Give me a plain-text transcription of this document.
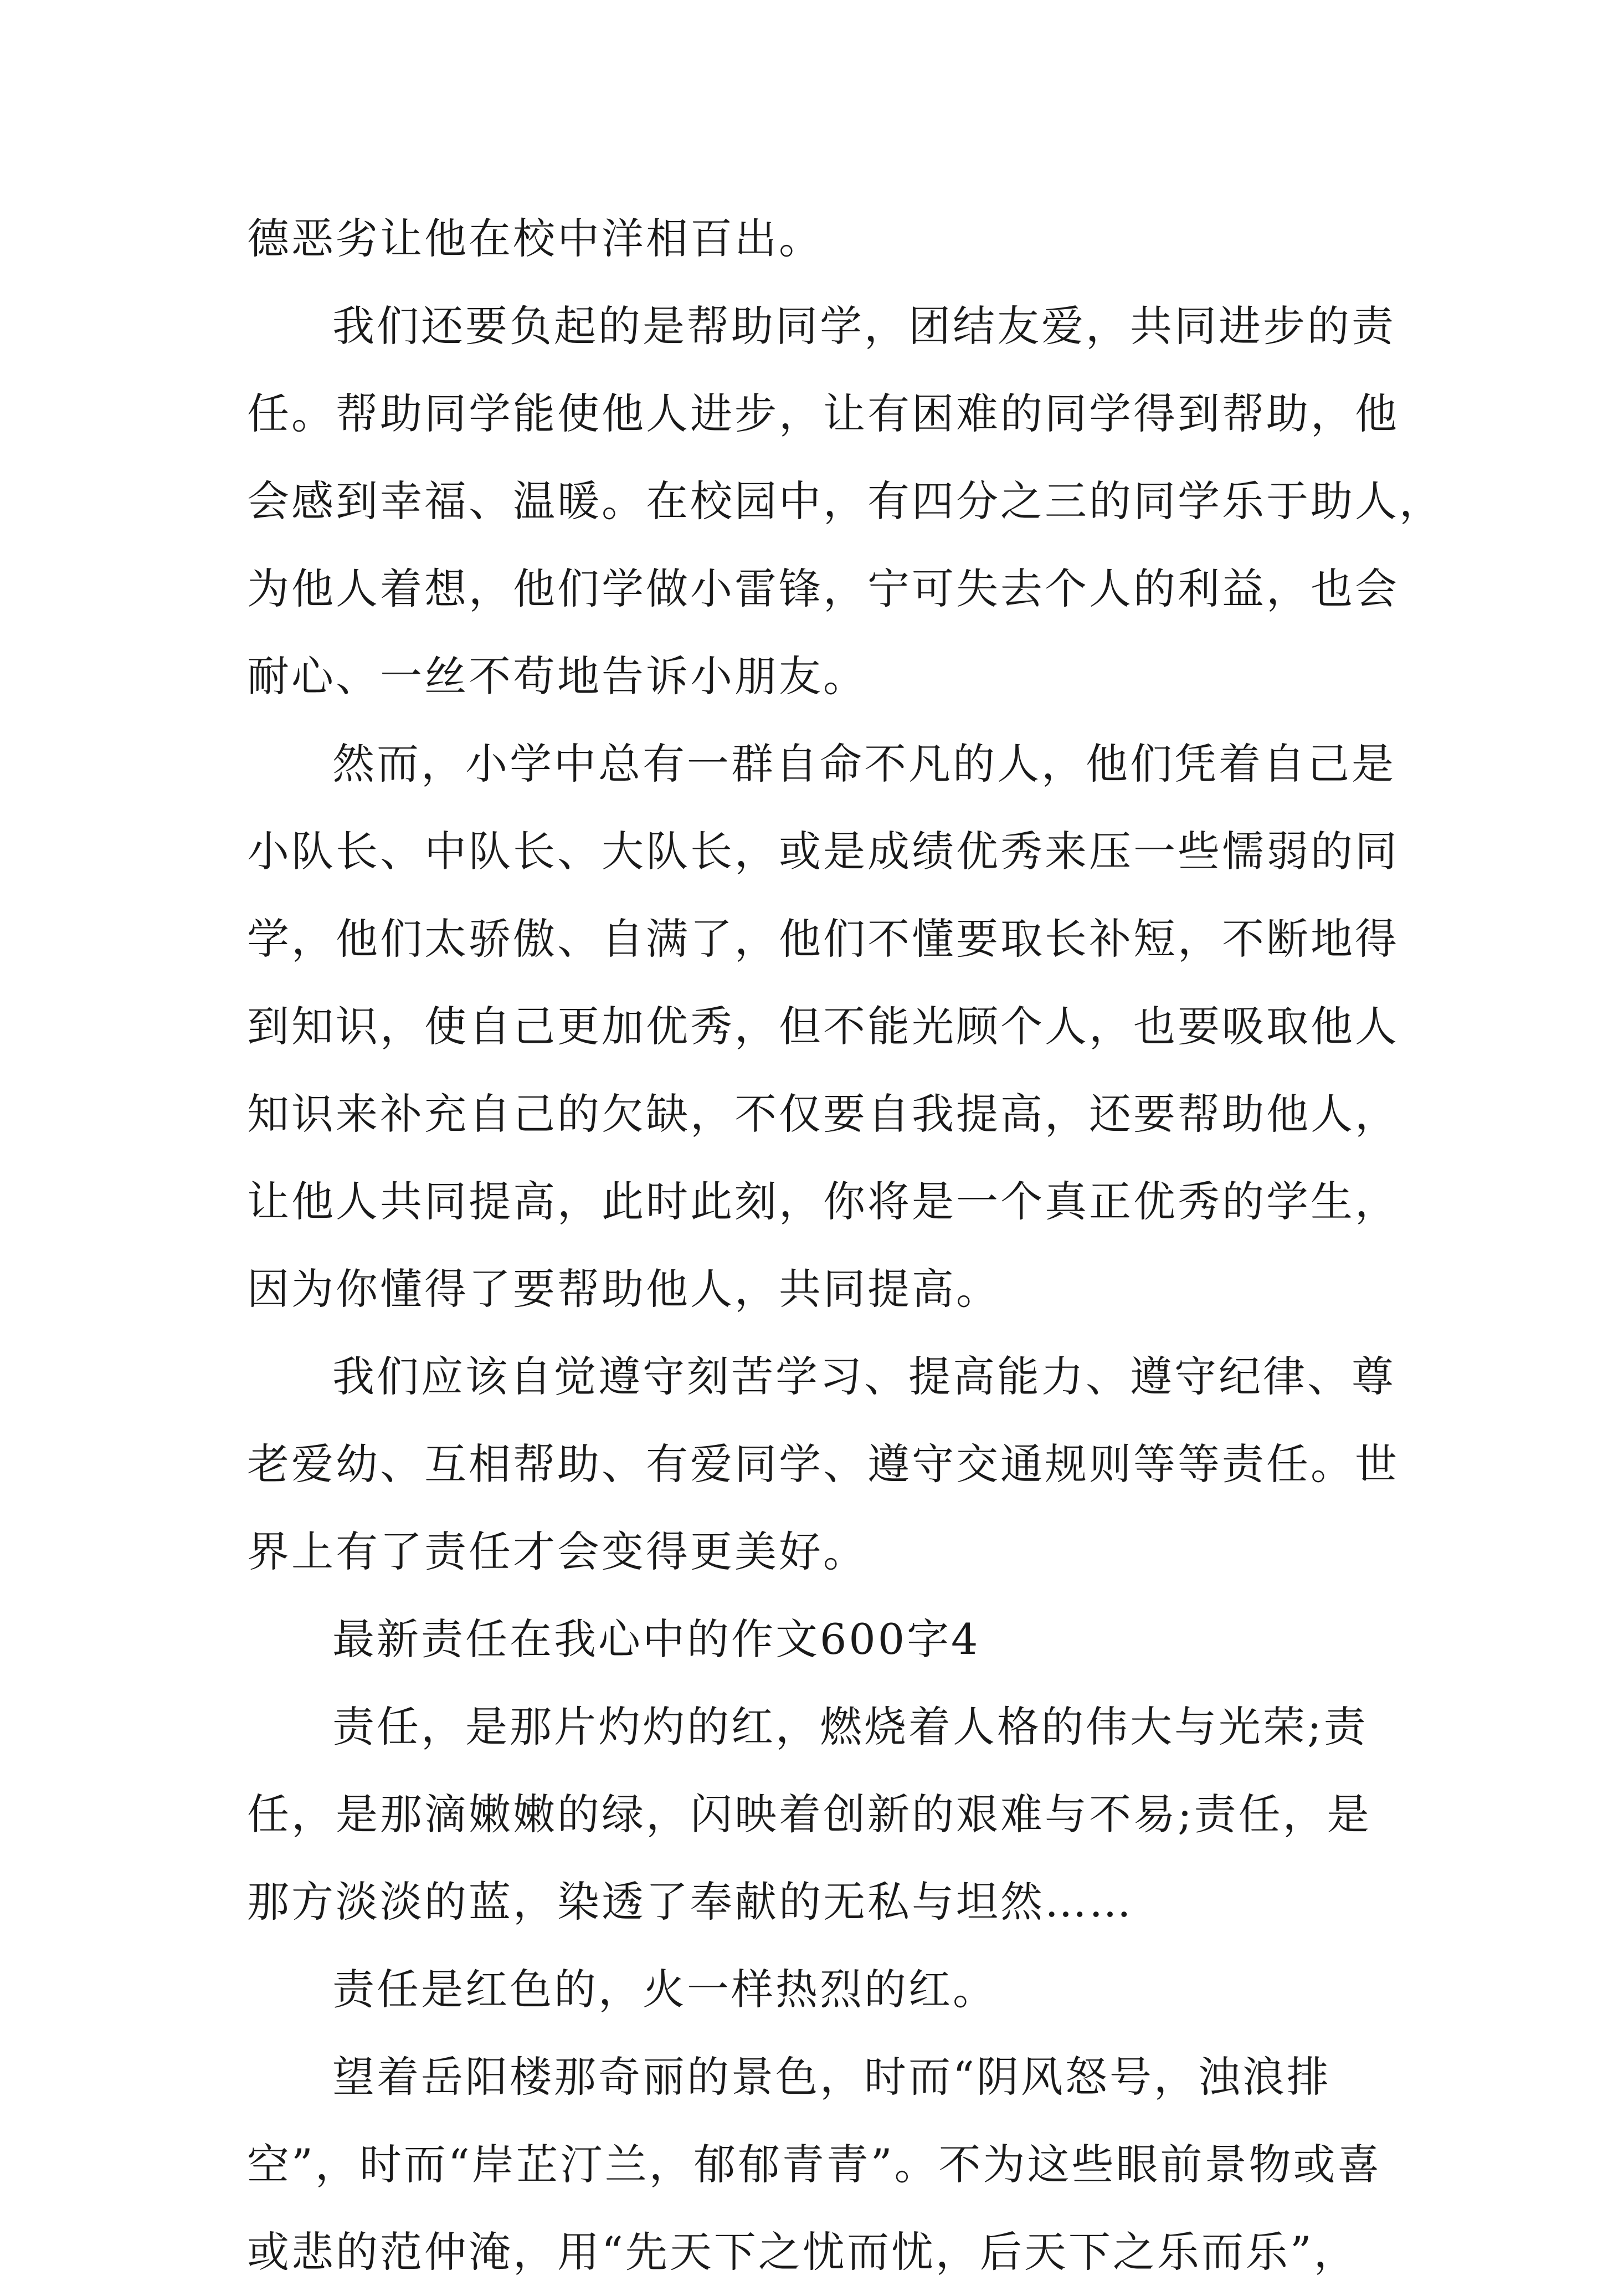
德恶劣让他在校中洋相百出。
我们还要负起的是帮助同学，团结友爱，共同进步的责
任。帮助同学能使他人进步，让有困难的同学得到帮助，他
会感到幸福、温暖。在校园中，有四分之三的同学乐于助人，
为他人着想，他们学做小雷锋，宁可失去个人的利益，也会
耐心、一丝不苟地告诉小朋友。
然而，小学中总有一群自命不凡的人，他们凭着自己是
小队长、中队长、大队长，或是成绩优秀来压一些懦弱的同
学，他们太骄傲、自满了，他们不懂要取长补短，不断地得
到知识，使自己更加优秀，但不能光顾个人，也要吸取他人
知识来补充自己的欠缺，不仅要自我提高，还要帮助他人，
让他人共同提高，此时此刻，你将是一个真正优秀的学生，
因为你懂得了要帮助他人，共同提高。
我们应该自觉遵守刻苦学习、提高能力、遵守纪律、尊
老爱幼、互相帮助、有爱同学、遵守交通规则等等责任。世
界上有了责任才会变得更美好。
最新责任在我心中的作文600字4
责任，是那片灼灼的红，燃烧着人格的伟大与光荣;责
任，是那滴嫩嫩的绿，闪映着创新的艰难与不易;责任，是
那方淡淡的蓝，染透了奉献的无私与坦然……
责任是红色的，火一样热烈的红。
望着岳阳楼那奇丽的景色，时而“阴风怒号，浊浪排
空”，时而“岸芷汀兰，郁郁青青”。不为这些眼前景物或喜
或悲的范仲淹，用“先天下之忧而忧，后天下之乐而乐”，
